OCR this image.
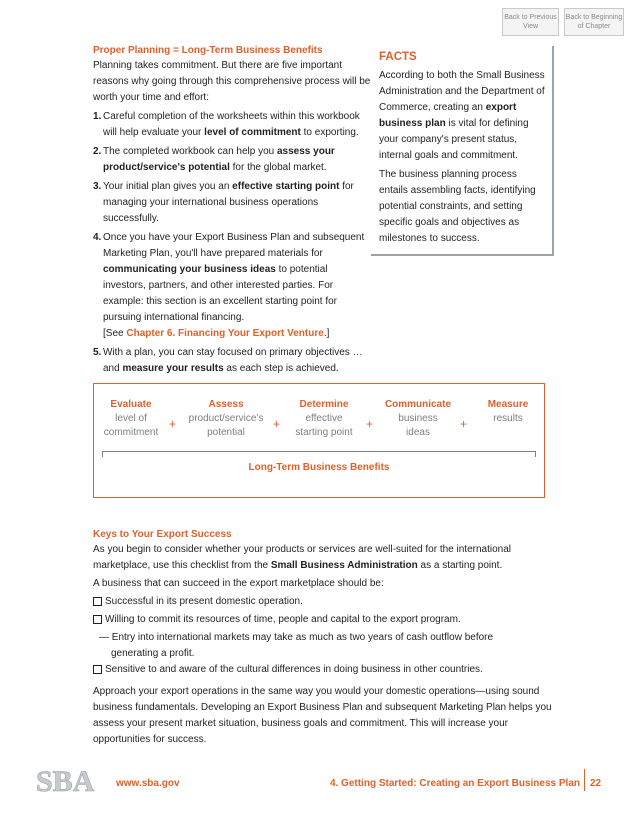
Back to Previous View
Back to Beginning of Chapter
Proper Planning = Long-Term Business Benefits

Planning takes commitment. But there are five important reasons why going through this comprehensive process will be worth your time and effort:

1. Careful completion of the worksheets within this workbook will help evaluate your level of commitment to exporting.
2. The completed workbook can help you assess your product/service's potential for the global market.
3. Your initial plan gives you an effective starting point for managing your international business operations successfully.
4. Once you have your Export Business Plan and subsequent Marketing Plan, you'll have prepared materials for communicating your business ideas to potential investors, partners, and other interested parties. For example: this section is an excellent starting point for pursuing international financing.
[See Chapter 6. Financing Your Export Venture.]
5. With a plan, you can stay focused on primary objectives … and measure your results as each step is achieved.
FACTS

According to both the Small Business Administration and the Department of Commerce, creating an export business plan is vital for defining your company's present status, internal goals and commitment.

The business planning process entails assembling facts, identifying potential constraints, and setting specific goals and objectives as milestones to success.

Evaluate
level of
commitment
+
Assess
product/service's
potential
+
Determine
effective
starting point
+
Communicate
business
ideas
+
Measure
results
Long-Term Business Benefits
Keys to Your Export Success

As you begin to consider whether your products or services are well-suited for the international marketplace, use this checklist from the Small Business Administration as a starting point.

A business that can succeed in the export marketplace should be:

Successful in its present domestic operation.
Willing to commit its resources of time, people and capital to the export program.
— Entry into international markets may take as much as two years of cash outflow before
generating a profit.
Sensitive to and aware of the cultural differences in doing business in other countries.

Approach your export operations in the same way you would your domestic operations—using sound business fundamentals. Developing an Export Business Plan and subsequent Marketing Plan helps you assess your present market situation, business goals and commitment. This will increase your opportunities for success.

SBA www.sba.gov	4. Getting Started: Creating an Export Business Plan 22
